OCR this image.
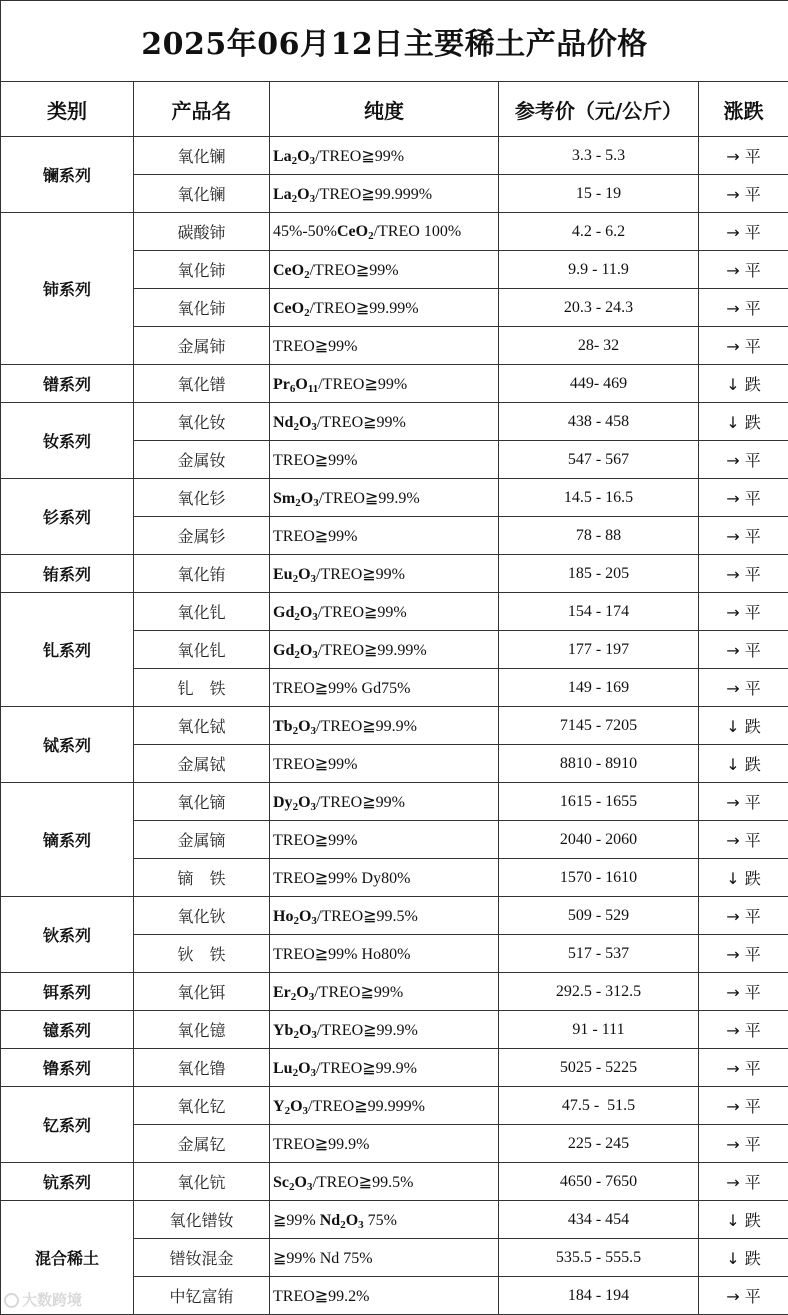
2025年06月12日主要稀土产品价格				
类别	产品名	纯度	参考价（元/公斤）	涨跌
镧系列	氧化镧	$La_2O_3/TREO≧99\%$	3.3 - 5.3	→ 平
	氧化镧	$La_2O_3/TREO≧99.999\%$	15 - 19	→ 平
铈系列	碳酸铈	45%-50%CeO$_2$/TREO 100%	4.2 - 6.2	→ 平
	氧化铈	CeO$_2$/TREO≧99%	9.9 - 11.9	→ 平
	氧化铈	CeO$_2$/TREO≧99.99%	20.3 - 24.3	→ 平
	金属铈	TREO≧99%	28- 32	→ 平
镨系列	氧化镨	$Pr_6O_{11}/TREO≧99\%$	449- 469	↓ 跌
钕系列	氧化钕	$Nd_2O_3/TREO≧99\%$	438 - 458	↓ 跌
	金属钕	TREO≧99%	547 - 567	→ 平
钐系列	氧化钐	$Sm_2O_3/TREO≧99.9\%$	14.5 - 16.5	→ 平
	金属钐	TREO≧99%	78 - 88	→ 平
铕系列	氧化铕	$Eu_2O_3/TREO≧99\%$	185 - 205	→ 平
钆系列	氧化钆	$Gd_2O_3/TREO≧99\%$	154 - 174	→ 平
	氧化钆	$Gd_2O_3/TREO≧99.99\%$	177 - 197	→ 平
	钆　铁	TREO≧99% Gd75%	149 - 169	→ 平
铽系列	氧化铽	$Tb_2O_3/TREO≧99.9\%$	7145 - 7205	↓ 跌
	金属铽	TREO≧99%	8810 - 8910	↓ 跌
镝系列	氧化镝	$Dy_2O_3/TREO≧99\%$	1615 - 1655	→ 平
	金属镝	TREO≧99%	2040 - 2060	→ 平
	镝　铁	TREO≧99% Dy80%	1570 - 1610	↓ 跌
钬系列	氧化钬	$Ho_2O_3/TREO≧99.5\%$	509 - 529	→ 平
	钬　铁	TREO≧99% Ho80%	517 - 537	→ 平
铒系列	氧化铒	$Er_2O_3/TREO≧99\%$	292.5 - 312.5	→ 平
镱系列	氧化镱	$Yb_2O_3/TREO≧99.9\%$	91 - 111	→ 平
镥系列	氧化镥	$Lu_2O_3/TREO≧99.9\%$	5025 - 5225	→ 平
钇系列	氧化钇	$Y_2O_3/TREO≧99.999\%$	47.5 -  51.5	→ 平
	金属钇	TREO≧99.9%	225 - 245	→ 平
钪系列	氧化钪	$Sc_2O_3/TREO≧99.5\%$	4650 - 7650	→ 平
混合稀土	氧化镨钕	≧99% $Nd_2O_3$ 75%	434 - 454	↓ 跌
	镨钕混金	≧99% Nd 75%	535.5 - 555.5	↓ 跌
	中钇富铕	TREO≧99.2%	184 - 194	→ 平
大数跨境
